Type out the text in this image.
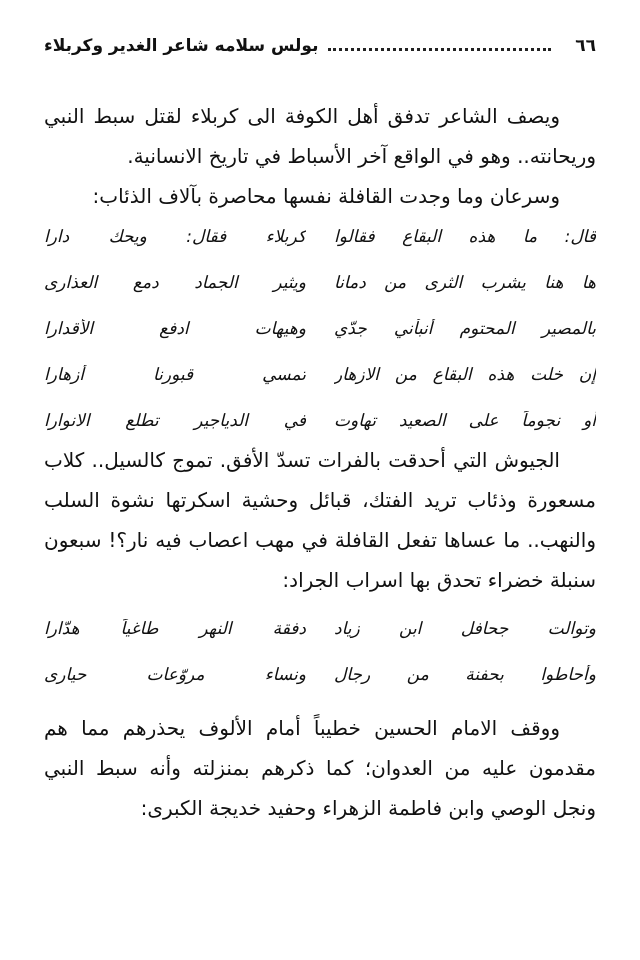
٦٦
بولس سلامه شاعر الغدير وكربلاء

ويصف الشاعر تدفق أهل الكوفة الى كربلاء لقتل سبط النبي وريحانته.. وهو في الواقع آخر الأسباط في تاريخ الانسانية.

وسرعان وما وجدت القافلة نفسها محاصرة بآلاف الذئاب:

قال: ما هذه البقاع فقالوا
كربلاء فقال: ويحك دارا
ها هنا يشرب الثرى من دمانا
ويثير الجماد دمع العذارى
بالمصير المحتوم أنبأني جدّي
وهيهات ادفع الأقدارا
إن خلت هذه البقاع من الازهار
تمسي قبورنا أزهارا
أو نجوماً على الصعيد تهاوت
في الدياجير تطلع الانوارا

الجيوش التي أحدقت بالفرات تسدّ الأفق. تموج كالسيل.. كلاب مسعورة وذئاب تريد الفتك، قبائل وحشية اسكرتها نشوة السلب والنهب.. ما عساها تفعل القافلة في مهب اعصاب فيه نار؟! سبعون سنبلة خضراء تحدق بها اسراب الجراد:

وتوالت جحافل ابن زياد
دفقة النهر طاغياً هدّارا
وأحاطوا بحفنة من رجال
ونساء مروّعات حيارى

ووقف الامام الحسين خطيباً أمام الألوف يحذرهم مما هم مقدمون عليه من العدوان؛ كما ذكرهم بمنزلته وأنه سبط النبي ونجل الوصي وابن فاطمة الزهراء وحفيد خديجة الكبرى:
